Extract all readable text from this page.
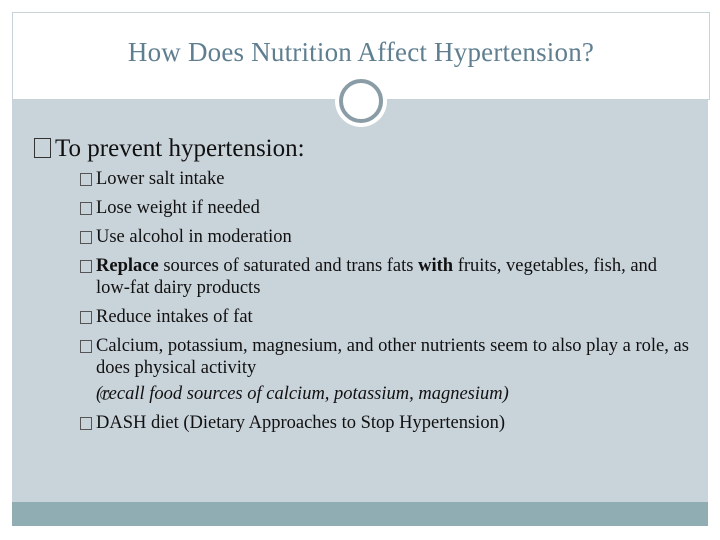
How Does Nutrition Affect Hypertension?
To prevent hypertension:
Lower salt intake
Lose weight if needed
Use alcohol in moderation
Replace sources of saturated and trans fats with fruits, vegetables, fish, and low-fat dairy products
Reduce intakes of fat
Calcium, potassium, magnesium, and other nutrients seem to also play a role, as does physical activity
(recall food sources of calcium, potassium, magnesium)
DASH diet (Dietary Approaches to Stop Hypertension)
